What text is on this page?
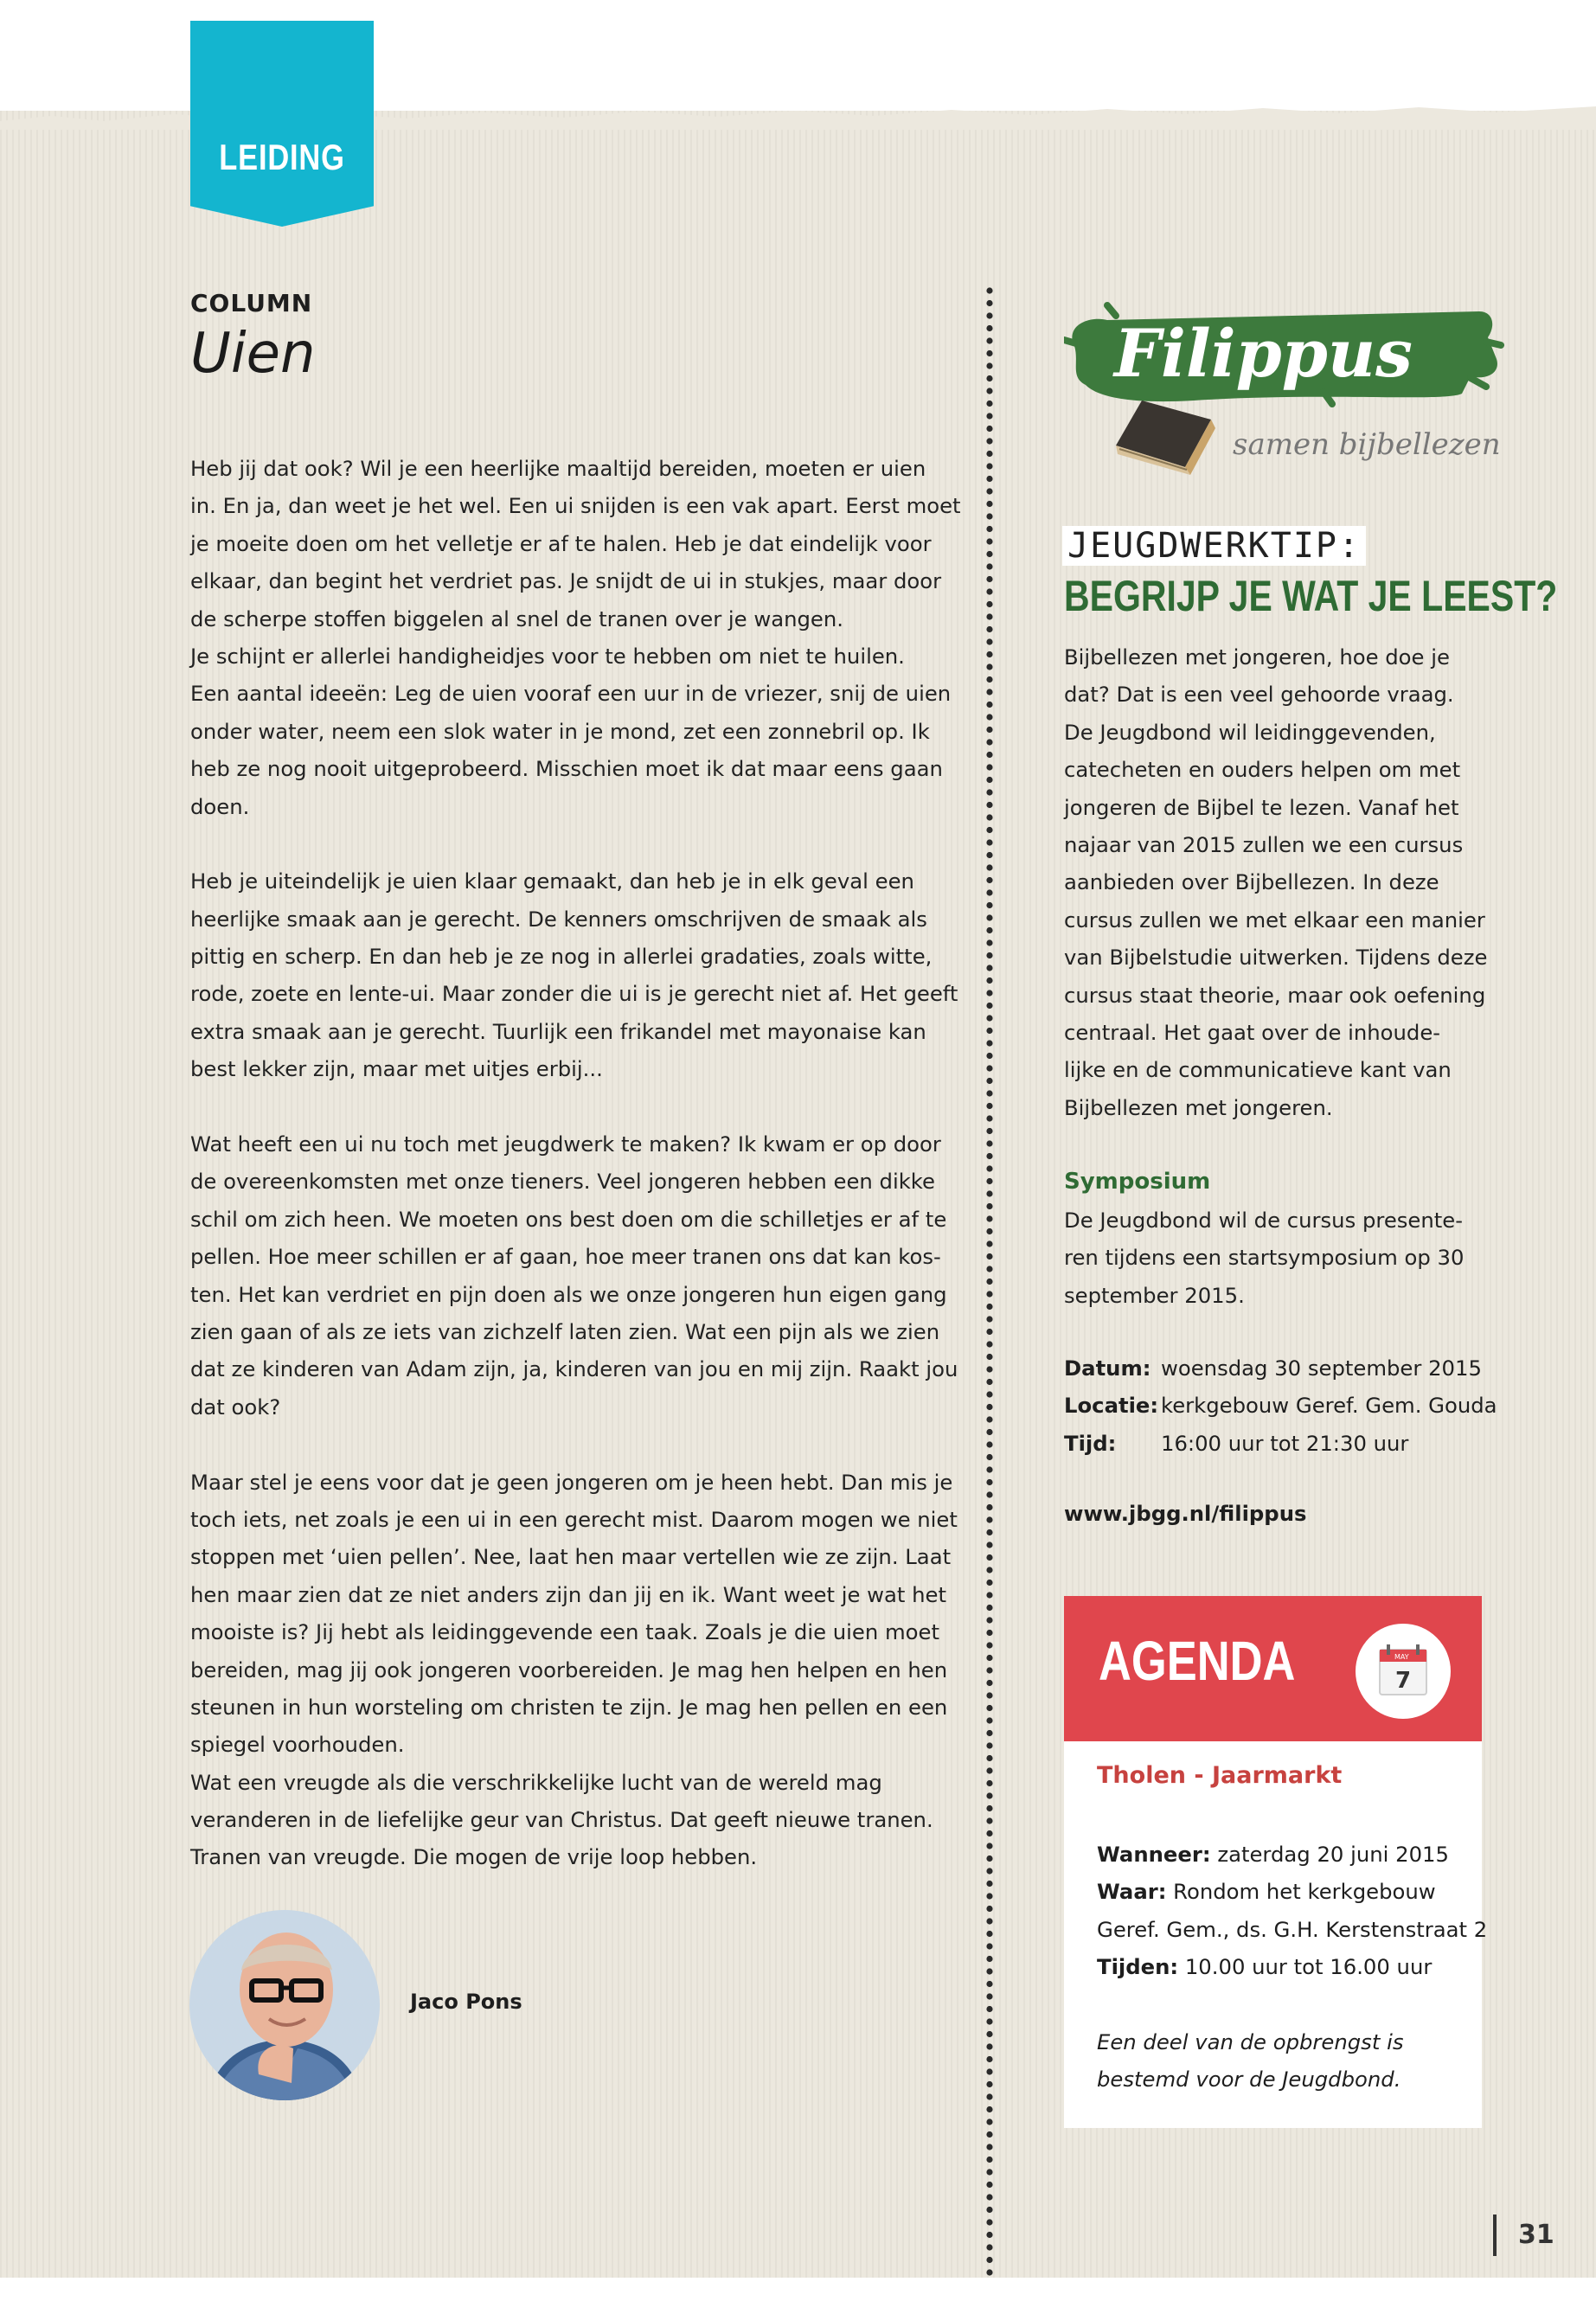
LEIDING
COLUMN
Uien
Heb jij dat ook? Wil je een heerlijke maaltijd bereiden, moeten er uien
in. En ja, dan weet je het wel. Een ui snijden is een vak apart. Eerst moet
je moeite doen om het velletje er af te halen. Heb je dat eindelijk voor
elkaar, dan begint het verdriet pas. Je snijdt de ui in stukjes, maar door
de scherpe stoffen biggelen al snel de tranen over je wangen.
Je schijnt er allerlei handigheidjes voor te hebben om niet te huilen.
Een aantal ideeën: Leg de uien vooraf een uur in de vriezer, snij de uien
onder water, neem een slok water in je mond, zet een zonnebril op. Ik
heb ze nog nooit uitgeprobeerd. Misschien moet ik dat maar eens gaan
doen.
Heb je uiteindelijk je uien klaar gemaakt, dan heb je in elk geval een
heerlijke smaak aan je gerecht. De kenners omschrijven de smaak als
pittig en scherp. En dan heb je ze nog in allerlei gradaties, zoals witte,
rode, zoete en lente-ui. Maar zonder die ui is je gerecht niet af. Het geeft
extra smaak aan je gerecht. Tuurlijk een frikandel met mayonaise kan
best lekker zijn, maar met uitjes erbij...
Wat heeft een ui nu toch met jeugdwerk te maken? Ik kwam er op door
de overeenkomsten met onze tieners. Veel jongeren hebben een dikke
schil om zich heen. We moeten ons best doen om die schilletjes er af te
pellen. Hoe meer schillen er af gaan, hoe meer tranen ons dat kan kos-
ten. Het kan verdriet en pijn doen als we onze jongeren hun eigen gang
zien gaan of als ze iets van zichzelf laten zien. Wat een pijn als we zien
dat ze kinderen van Adam zijn, ja, kinderen van jou en mij zijn. Raakt jou
dat ook?
Maar stel je eens voor dat je geen jongeren om je heen hebt. Dan mis je
toch iets, net zoals je een ui in een gerecht mist. Daarom mogen we niet
stoppen met ‘uien pellen’. Nee, laat hen maar vertellen wie ze zijn. Laat
hen maar zien dat ze niet anders zijn dan jij en ik. Want weet je wat het
mooiste is? Jij hebt als leidinggevende een taak. Zoals je die uien moet
bereiden, mag jij ook jongeren voorbereiden. Je mag hen helpen en hen
steunen in hun worsteling om christen te zijn. Je mag hen pellen en een
spiegel voorhouden.
Wat een vreugde als die verschrikkelijke lucht van de wereld mag
veranderen in de liefelijke geur van Christus. Dat geeft nieuwe tranen.
Tranen van vreugde. Die mogen de vrije loop hebben.
Jaco Pons
Filippus
samen bijbellezen
JEUGDWERKTIP:
BEGRIJP JE WAT JE LEEST?
Bijbellezen met jongeren, hoe doe je
dat? Dat is een veel gehoorde vraag.
De Jeugdbond wil leidinggevenden,
catecheten en ouders helpen om met
jongeren de Bijbel te lezen. Vanaf het
najaar van 2015 zullen we een cursus
aanbieden over Bijbellezen. In deze
cursus zullen we met elkaar een manier
van Bijbelstudie uitwerken. Tijdens deze
cursus staat theorie, maar ook oefening
centraal. Het gaat over de inhoude-
lijke en de communicatieve kant van
Bijbellezen met jongeren.
Symposium
De Jeugdbond wil de cursus presente-
ren tijdens een startsymposium op 30
september 2015.
Datum: woensdag 30 september 2015
Locatie: kerkgebouw Geref. Gem. Gouda
Tijd: 16:00 uur tot 21:30 uur
www.jbgg.nl/filippus
AGENDA	MAY
7
Tholen - Jaarmarkt
Wanneer: zaterdag 20 juni 2015
Waar: Rondom het kerkgebouw
Geref. Gem., ds. G.H. Kerstenstraat 2
Tijden: 10.00 uur tot 16.00 uur
Een deel van de opbrengst is
bestemd voor de Jeugdbond.
31
